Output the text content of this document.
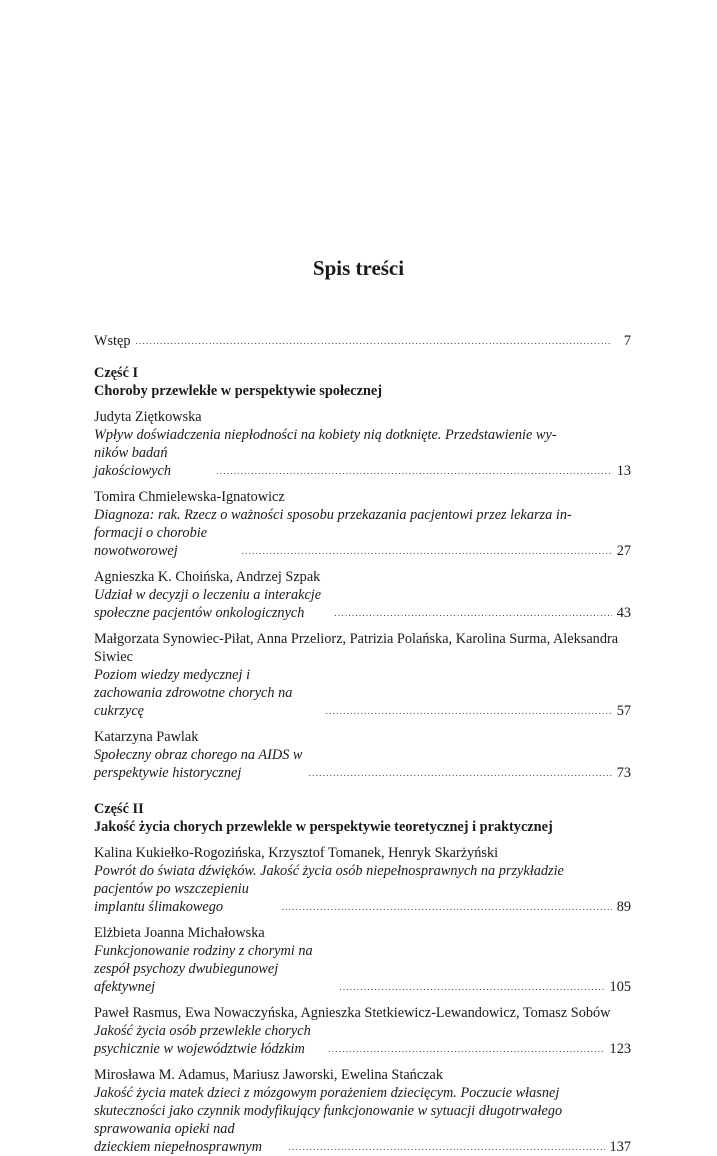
Spis treści
Wstęp . . .	7
Część I
Choroby przewlekłe w perspektywie społecznej
Judyta Ziętkowska
Wpływ doświadczenia niepłodności na kobiety nią dotknięte. Przedstawienie wy-
ników badań jakościowych . . .	13
Tomira Chmielewska-Ignatowicz
Diagnoza: rak. Rzecz o ważności sposobu przekazania pacjentowi przez lekarza in-
formacji o chorobie nowotworowej . . .	27
Agnieszka K. Choińska, Andrzej Szpak
Udział w decyzji o leczeniu a interakcje społeczne pacjentów onkologicznych . . .	43
Małgorzata Synowiec-Piłat, Anna Przeliorz, Patrizia Polańska, Karolina Surma, Aleksandra Siwiec
Poziom wiedzy medycznej i zachowania zdrowotne chorych na cukrzycę . . .	57
Katarzyna Pawlak
Społeczny obraz chorego na AIDS w perspektywie historycznej . . .	73
Część II
Jakość życia chorych przewlekle w perspektywie teoretycznej i praktycznej
Kalina Kukiełko-Rogozińska, Krzysztof Tomanek, Henryk Skarżyński
Powrót do świata dźwięków. Jakość życia osób niepełnosprawnych na przykładzie
pacjentów po wszczepieniu implantu ślimakowego . . .	89
Elżbieta Joanna Michałowska
Funkcjonowanie rodziny z chorymi na zespół psychozy dwubiegunowej afektywnej . . .	105
Paweł Rasmus, Ewa Nowaczyńska, Agnieszka Stetkiewicz-Lewandowicz, Tomasz Sobów
Jakość życia osób przewlekle chorych psychicznie w województwie łódzkim . . .	123
Mirosława M. Adamus, Mariusz Jaworski, Ewelina Stańczak
Jakość życia matek dzieci z mózgowym porażeniem dziecięcym. Poczucie własnej
skuteczności jako czynnik modyfikujący funkcjonowanie w sytuacji długotrwałego
sprawowania opieki nad dzieckiem niepełnosprawnym . . .	137
